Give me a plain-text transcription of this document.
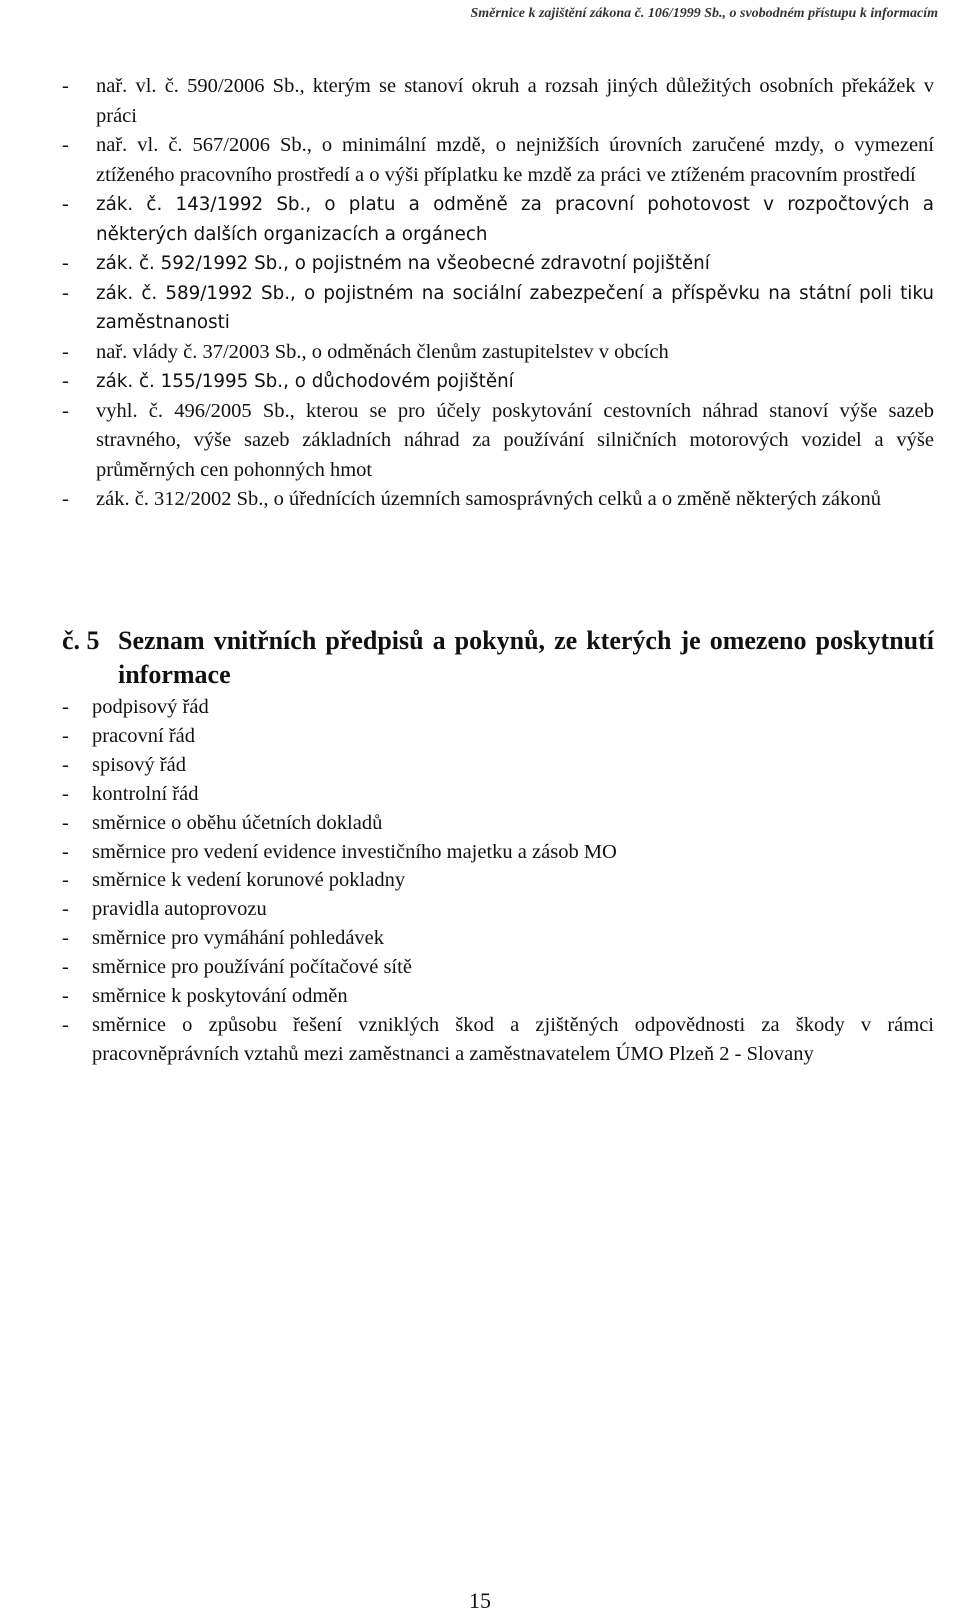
Směrnice k zajištění zákona č. 106/1999 Sb., o svobodném přístupu k informacím
-	nař. vl. č. 590/2006 Sb., kterým se stanoví okruh a rozsah jiných důležitých osobních překážek v práci
-	nař. vl. č. 567/2006 Sb., o minimální mzdě, o nejnižších úrovních zaručené mzdy, o vymezení ztíženého pracovního prostředí a o výši příplatku ke mzdě za práci ve ztíženém pracovním prostředí
-	zák. č. 143/1992 Sb., o platu a odměně za pracovní pohotovost v rozpočtových a některých dalších organizacích a orgánech
-	zák. č. 592/1992 Sb., o pojistném na všeobecné zdravotní pojištění
-	zák. č. 589/1992 Sb., o pojistném na sociální zabezpečení a příspěvku na státní poli tiku zaměstnanosti
-	nař. vlády č. 37/2003 Sb., o odměnách členům zastupitelstev v obcích
-	zák. č. 155/1995 Sb., o důchodovém pojištění
-	vyhl. č. 496/2005 Sb., kterou se pro účely poskytování cestovních náhrad stanoví výše sazeb stravného, výše sazeb základních náhrad za používání silničních motorových vozidel a výše průměrných cen pohonných hmot
-	zák. č. 312/2002 Sb., o úřednících územních samosprávných celků a o změně některých zákonů
č. 5 Seznam vnitřních předpisů a pokynů, ze kterých je omezeno poskytnutí informace
-	podpisový řád
-	pracovní řád
-	spisový řád
-	kontrolní řád
-	směrnice o oběhu účetních dokladů
-	směrnice pro vedení evidence investičního majetku a zásob MO
-	směrnice k vedení korunové pokladny
-	pravidla autoprovozu
-	směrnice pro vymáhání pohledávek
-	směrnice pro používání počítačové sítě
-	směrnice k poskytování odměn
-	směrnice o způsobu řešení vzniklých škod a zjištěných odpovědnosti za škody v rámci pracovněprávních vztahů mezi zaměstnanci a zaměstnavatelem ÚMO Plzeň 2 - Slovany
15
